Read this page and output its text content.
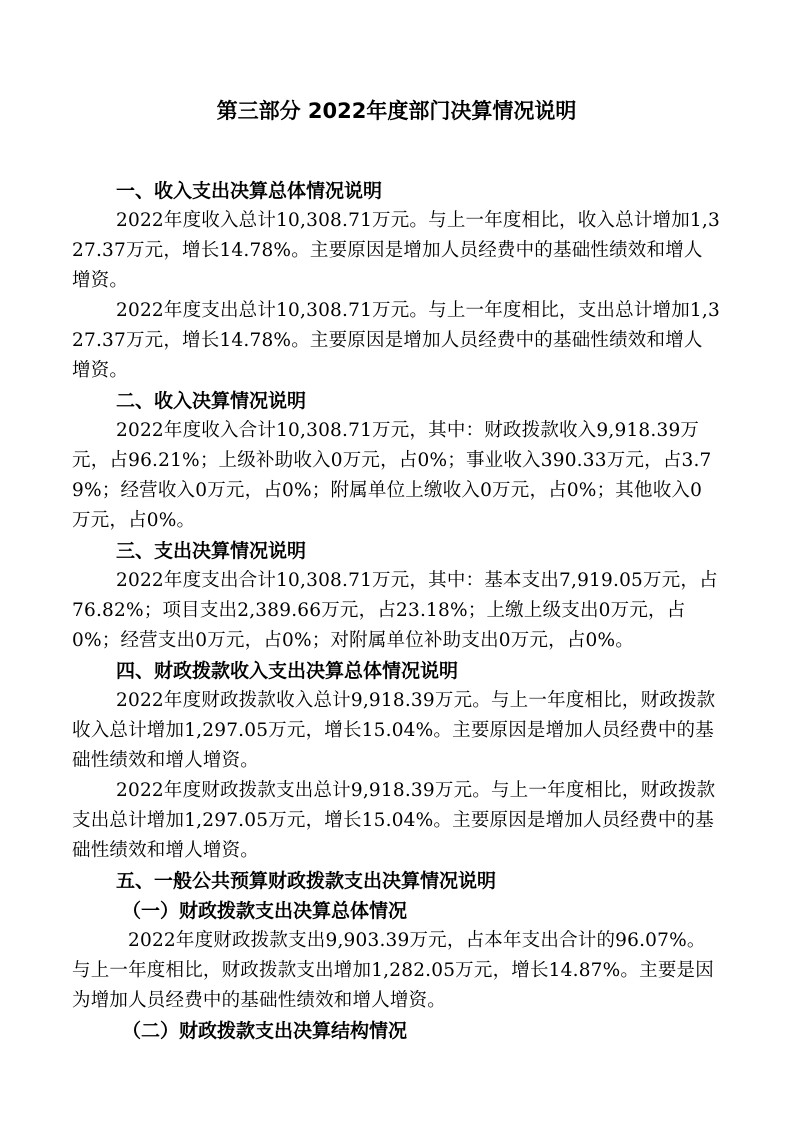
第三部分 2022年度部门决算情况说明

一、收入支出决算总体情况说明

2022年度收入总计10,308.71万元。与上一年度相比，收入总计增加1,327.37万元，增长14.78%。主要原因是增加人员经费中的基础性绩效和增人增资。

2022年度支出总计10,308.71万元。与上一年度相比，支出总计增加1,327.37万元，增长14.78%。主要原因是增加人员经费中的基础性绩效和增人增资。

二、收入决算情况说明

2022年度收入合计10,308.71万元，其中：财政拨款收入9,918.39万元，占96.21%；上级补助收入0万元，占0%；事业收入390.33万元，占3.79%；经营收入0万元，占0%；附属单位上缴收入0万元，占0%；其他收入0万元，占0%。

三、支出决算情况说明

2022年度支出合计10,308.71万元，其中：基本支出7,919.05万元，占76.82%；项目支出2,389.66万元，占23.18%；上缴上级支出0万元，占0%；经营支出0万元，占0%；对附属单位补助支出0万元，占0%。

四、财政拨款收入支出决算总体情况说明

2022年度财政拨款收入总计9,918.39万元。与上一年度相比，财政拨款收入总计增加1,297.05万元，增长15.04%。主要原因是增加人员经费中的基础性绩效和增人增资。

2022年度财政拨款支出总计9,918.39万元。与上一年度相比，财政拨款支出总计增加1,297.05万元，增长15.04%。主要原因是增加人员经费中的基础性绩效和增人增资。

五、一般公共预算财政拨款支出决算情况说明

（一）财政拨款支出决算总体情况

2022年度财政拨款支出9,903.39万元，占本年支出合计的96.07%。与上一年度相比，财政拨款支出增加1,282.05万元，增长14.87%。主要是因为增加人员经费中的基础性绩效和增人增资。

（二）财政拨款支出决算结构情况
